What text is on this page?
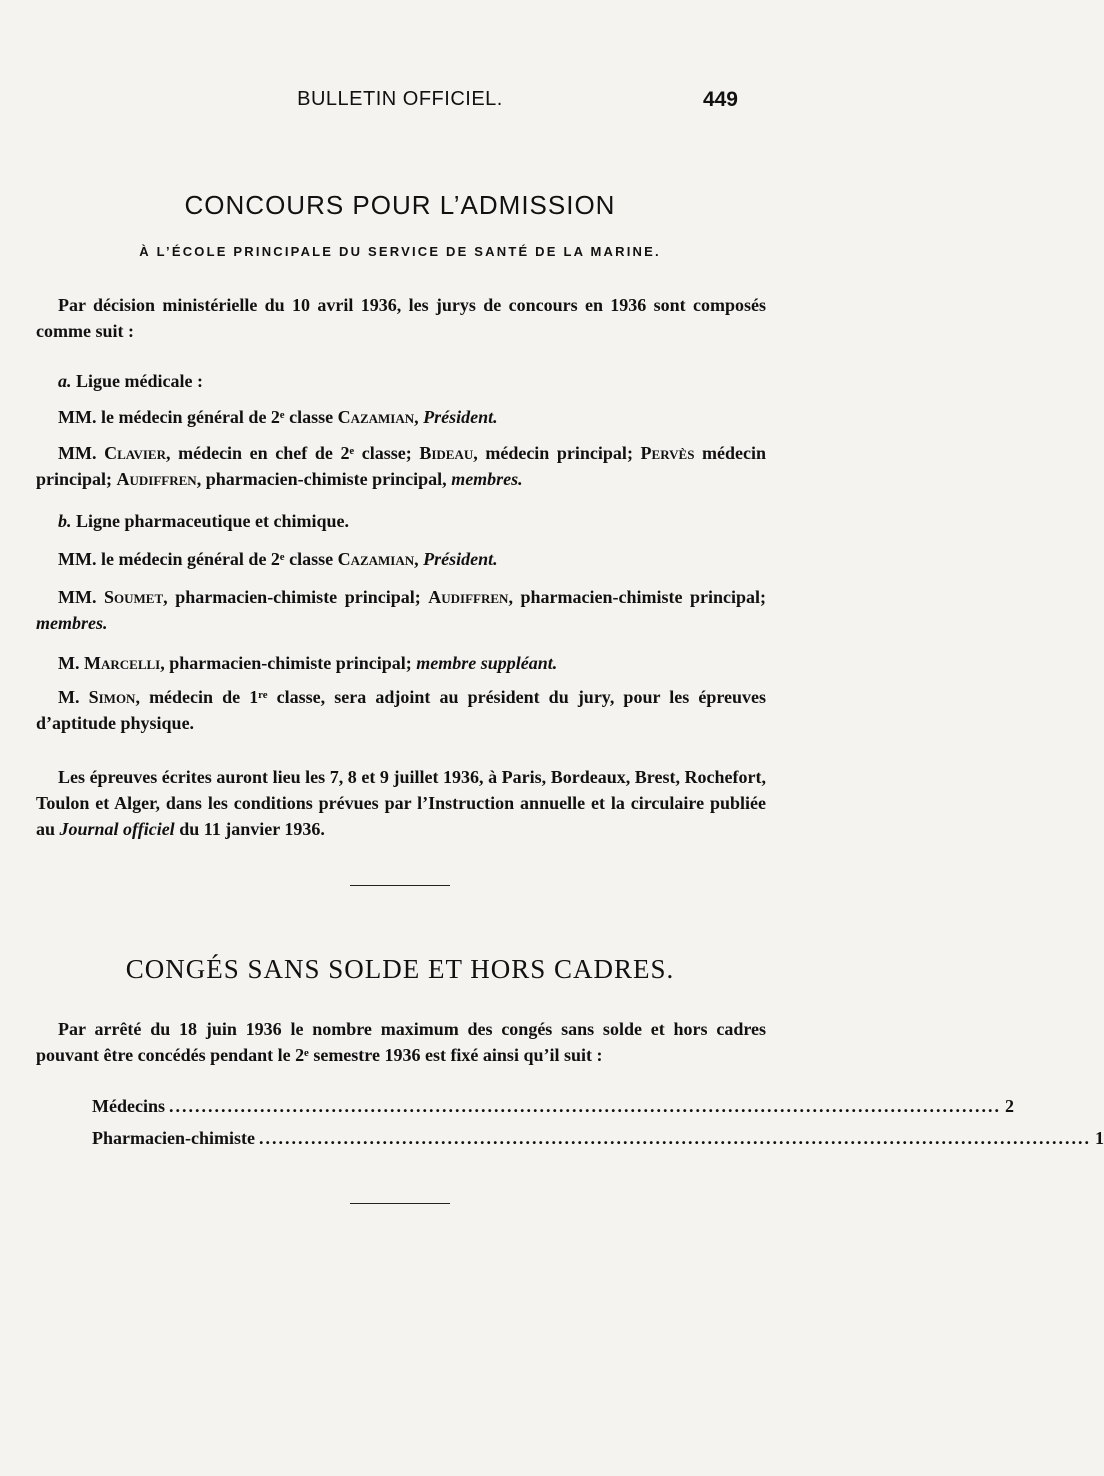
BULLETIN OFFICIEL.	449
CONCOURS POUR L’ADMISSION
À L’ÉCOLE PRINCIPALE DU SERVICE DE SANTÉ DE LA MARINE.

Par décision ministérielle du 10 avril 1936, les jurys de concours en 1936 sont composés comme suit :

a. Ligue médicale :

MM. le médecin général de 2ᵉ classe Cazamian, Président.

MM. Clavier, médecin en chef de 2ᵉ classe; Bideau, médecin principal; Pervès médecin principal; Audiffren, pharmacien-chimiste principal, membres.

b. Ligne pharmaceutique et chimique.

MM. le médecin général de 2ᵉ classe Cazamian, Président.

MM. Soumet, pharmacien-chimiste principal; Audiffren, pharmacien-chimiste principal; membres.

M. Marcelli, pharmacien-chimiste principal; membre suppléant.

M. Simon, médecin de 1ʳᵉ classe, sera adjoint au président du jury, pour les épreuves d’aptitude physique.

Les épreuves écrites auront lieu les 7, 8 et 9 juillet 1936, à Paris, Bordeaux, Brest, Rochefort, Toulon et Alger, dans les conditions prévues par l’Instruction annuelle et la circulaire publiée au Journal officiel du 11 janvier 1936.

CONGÉS SANS SOLDE ET HORS CADRES.

Par arrêté du 18 juin 1936 le nombre maximum des congés sans solde et hors cadres pouvant être concédés pendant le 2ᵉ semestre 1936 est fixé ainsi qu’il suit :

Médecins ................................................................................................................................ 2
Pharmacien-chimiste ................................................................................................................................ 1
